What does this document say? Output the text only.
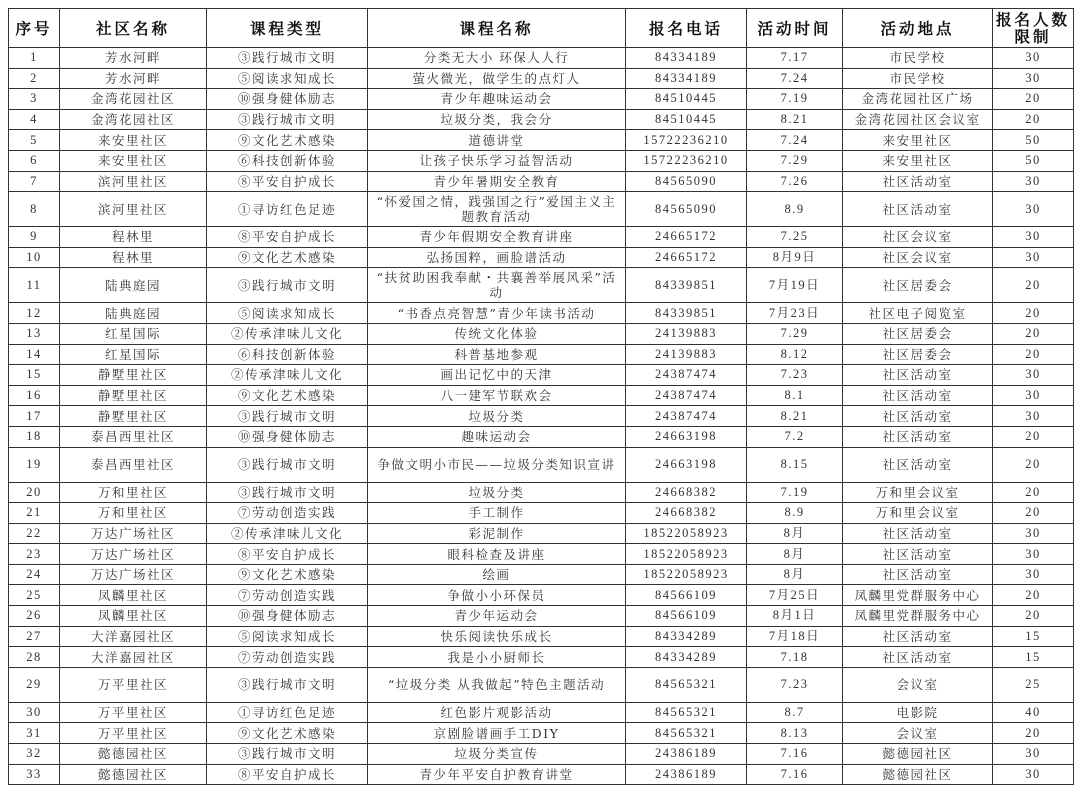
序号	社区名称	课程类型	课程名称	报名电话	活动时间	活动地点	报名人数限制
1	芳水河畔	③践行城市文明	分类无大小 环保人人行	84334189	7.17	市民学校	30
2	芳水河畔	⑤阅读求知成长	萤火微光，做学生的点灯人	84334189	7.24	市民学校	30
3	金湾花园社区	⑩强身健体励志	青少年趣味运动会	84510445	7.19	金湾花园社区广场	20
4	金湾花园社区	③践行城市文明	垃圾分类，我会分	84510445	8.21	金湾花园社区会议室	20
5	来安里社区	⑨文化艺术感染	道德讲堂	15722236210	7.24	来安里社区	50
6	来安里社区	⑥科技创新体验	让孩子快乐学习益智活动	15722236210	7.29	来安里社区	50
7	滨河里社区	⑧平安自护成长	青少年暑期安全教育	84565090	7.26	社区活动室	30
8	滨河里社区	①寻访红色足迹	“怀爱国之情，践强国之行”爱国主义主题教育活动	84565090	8.9	社区活动室	30
9	程林里	⑧平安自护成长	青少年假期安全教育讲座	24665172	7.25	社区会议室	30
10	程林里	⑨文化艺术感染	弘扬国粹，画脸谱活动	24665172	8月9日	社区会议室	30
11	陆典庭园	③践行城市文明	“扶贫助困我奉献・共襄善举展风采”活动	84339851	7月19日	社区居委会	20
12	陆典庭园	⑤阅读求知成长	“书香点亮智慧”青少年读书活动	84339851	7月23日	社区电子阅览室	20
13	红星国际	②传承津味儿文化	传统文化体验	24139883	7.29	社区居委会	20
14	红星国际	⑥科技创新体验	科普基地参观	24139883	8.12	社区居委会	20
15	静墅里社区	②传承津味儿文化	画出记忆中的天津	24387474	7.23	社区活动室	30
16	静墅里社区	⑨文化艺术感染	八一建军节联欢会	24387474	8.1	社区活动室	30
17	静墅里社区	③践行城市文明	垃圾分类	24387474	8.21	社区活动室	30
18	泰昌西里社区	⑩强身健体励志	趣味运动会	24663198	7.2	社区活动室	20
19	泰昌西里社区	③践行城市文明	争做文明小市民——垃圾分类知识宣讲	24663198	8.15	社区活动室	20
20	万和里社区	③践行城市文明	垃圾分类	24668382	7.19	万和里会议室	20
21	万和里社区	⑦劳动创造实践	手工制作	24668382	8.9	万和里会议室	20
22	万达广场社区	②传承津味儿文化	彩泥制作	18522058923	8月	社区活动室	30
23	万达广场社区	⑧平安自护成长	眼科检查及讲座	18522058923	8月	社区活动室	30
24	万达广场社区	⑨文化艺术感染	绘画	18522058923	8月	社区活动室	30
25	凤麟里社区	⑦劳动创造实践	争做小小环保员	84566109	7月25日	凤麟里党群服务中心	20
26	凤麟里社区	⑩强身健体励志	青少年运动会	84566109	8月1日	凤麟里党群服务中心	20
27	大洋嘉园社区	⑤阅读求知成长	快乐阅读快乐成长	84334289	7月18日	社区活动室	15
28	大洋嘉园社区	⑦劳动创造实践	我是小小厨师长	84334289	7.18	社区活动室	15
29	万平里社区	③践行城市文明	“垃圾分类 从我做起”特色主题活动	84565321	7.23	会议室	25
30	万平里社区	①寻访红色足迹	红色影片观影活动	84565321	8.7	电影院	40
31	万平里社区	⑨文化艺术感染	京剧脸谱画手工DIY	84565321	8.13	会议室	20
32	懿德园社区	③践行城市文明	垃圾分类宣传	24386189	7.16	懿德园社区	30
33	懿德园社区	⑧平安自护成长	青少年平安自护教育讲堂	24386189	7.16	懿德园社区	30
